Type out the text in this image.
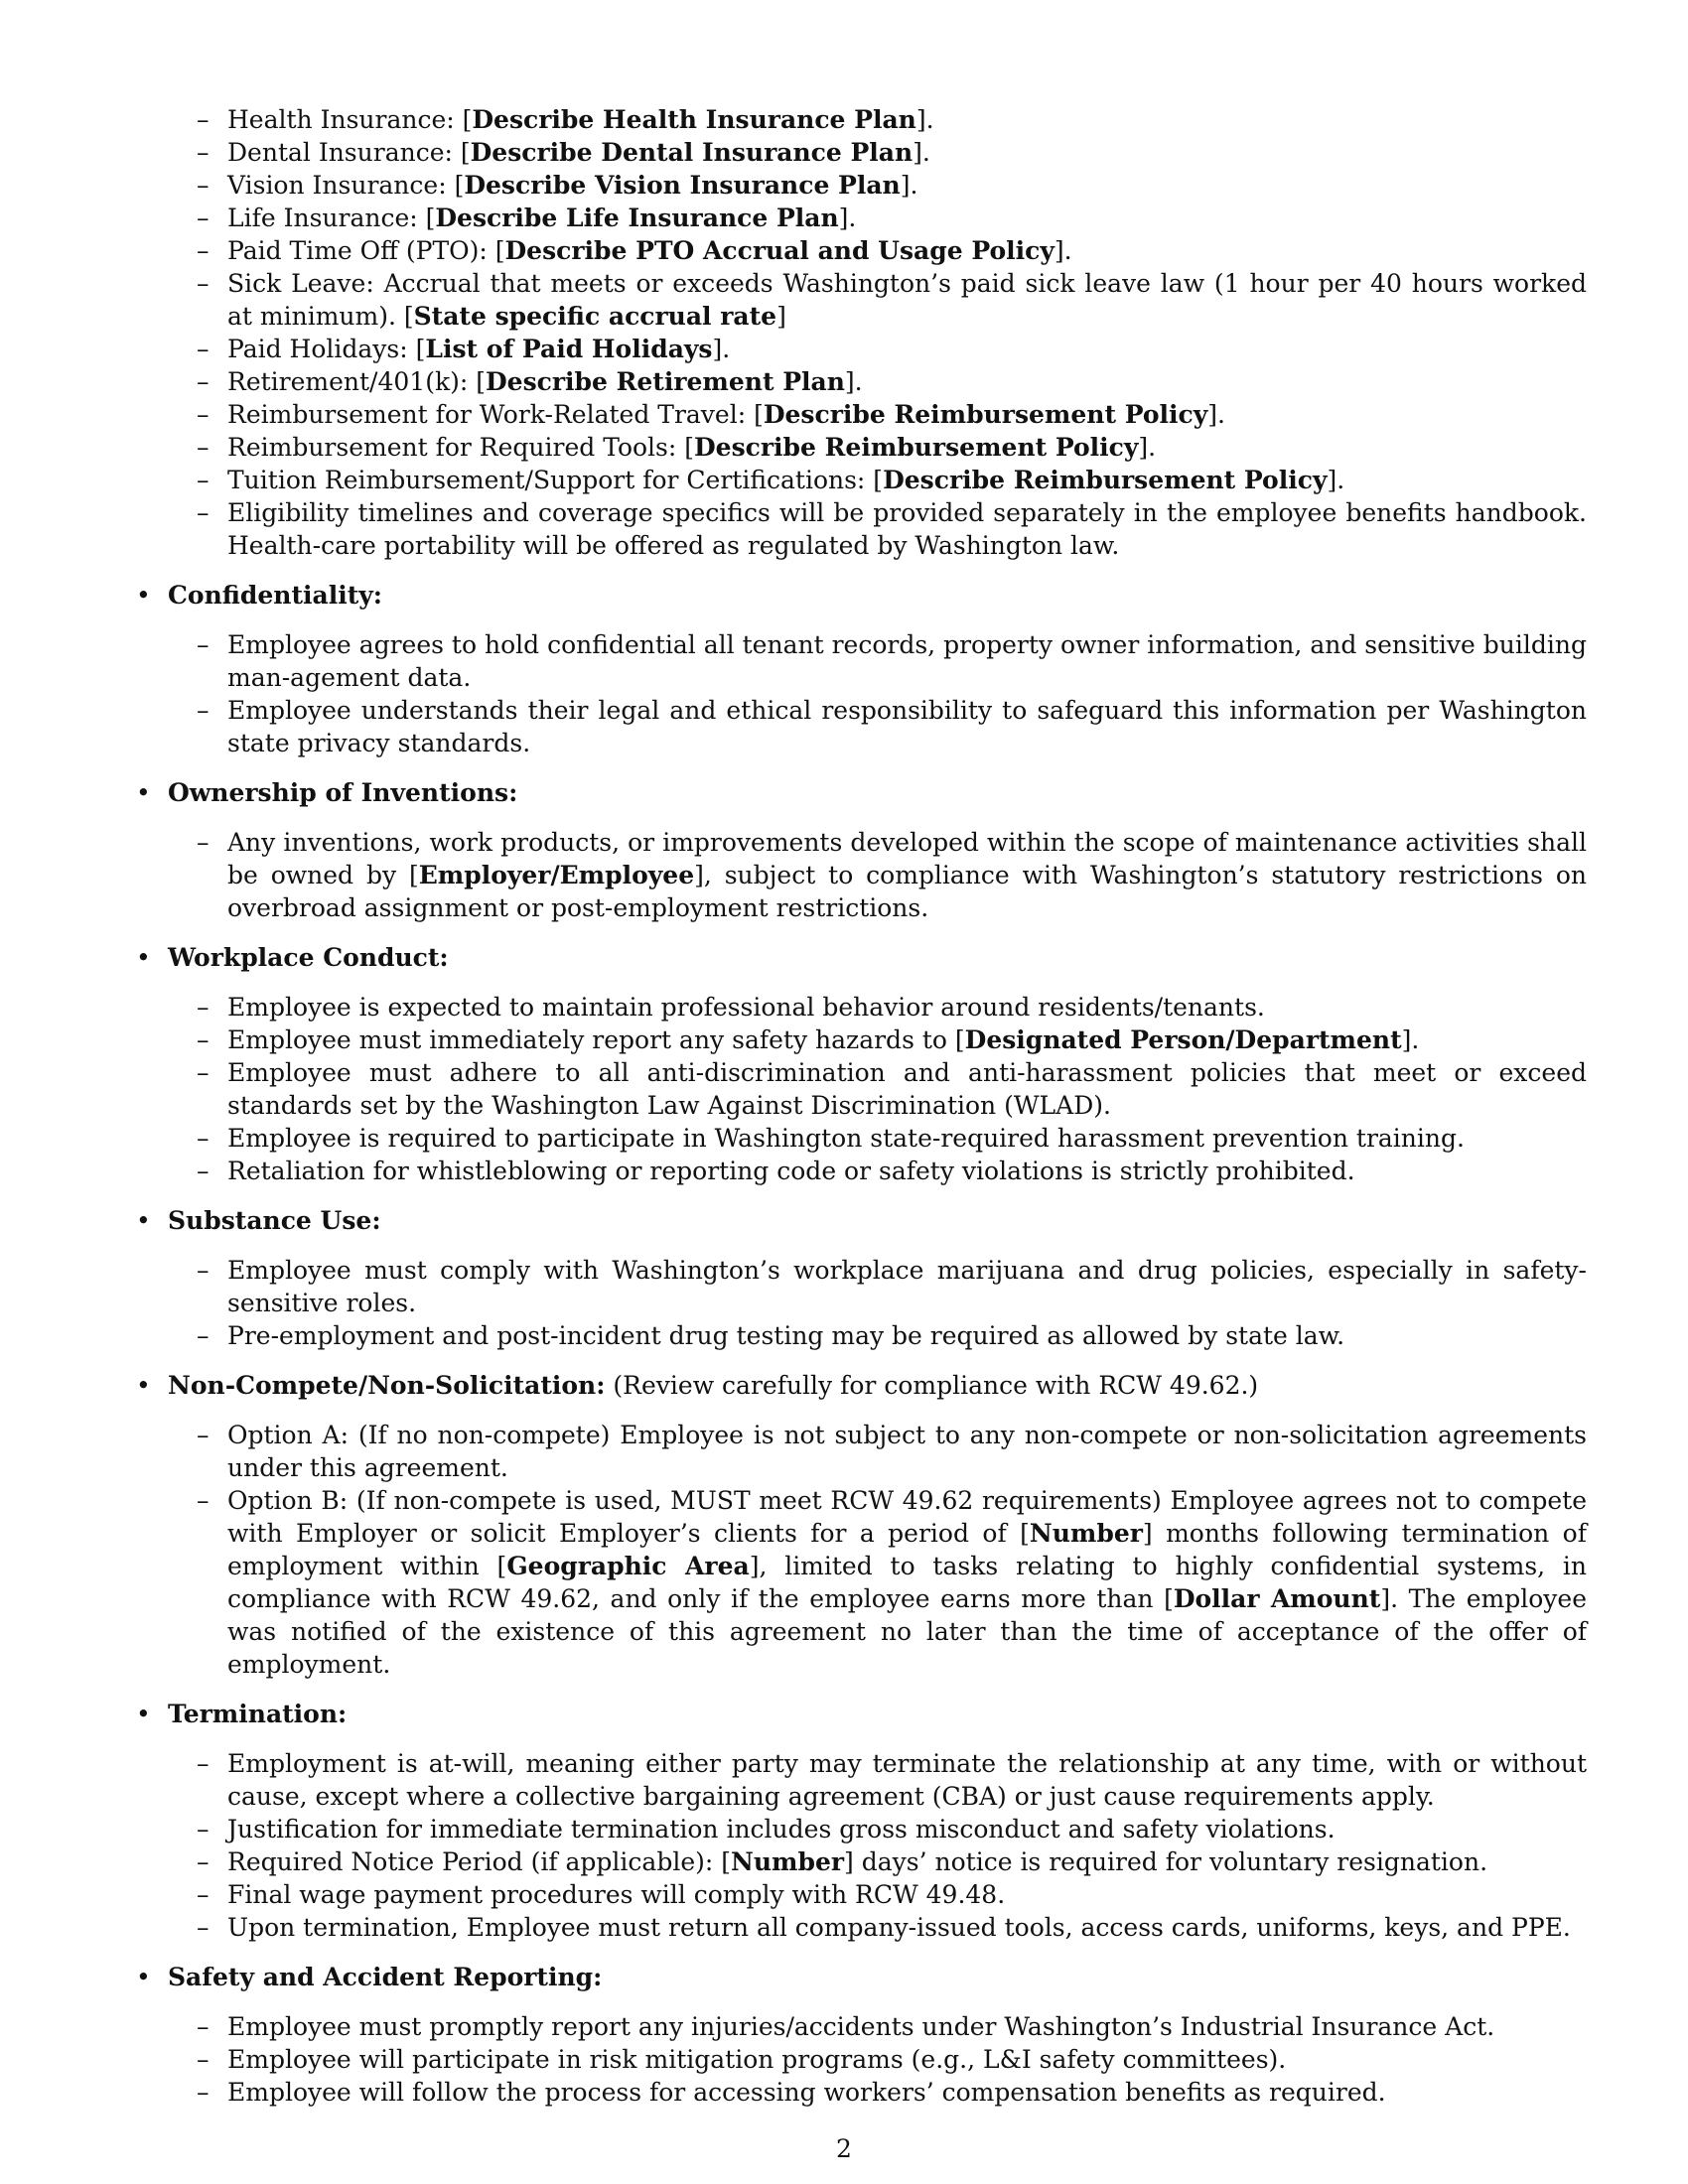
– Health Insurance: [Describe Health Insurance Plan].

– Dental Insurance: [Describe Dental Insurance Plan].

– Vision Insurance: [Describe Vision Insurance Plan].

– Life Insurance: [Describe Life Insurance Plan].

– Paid Time Off (PTO): [Describe PTO Accrual and Usage Policy].

– Sick Leave: Accrual that meets or exceeds Washington’s paid sick leave law (1 hour per 40 hours worked at minimum). [State specific accrual rate]

– Paid Holidays: [List of Paid Holidays].

– Retirement/401(k): [Describe Retirement Plan].

– Reimbursement for Work-Related Travel: [Describe Reimbursement Policy].

– Reimbursement for Required Tools: [Describe Reimbursement Policy].

– Tuition Reimbursement/Support for Certifications: [Describe Reimbursement Policy].

– Eligibility timelines and coverage specifics will be provided separately in the employee benefits handbook. Health-care portability will be offered as regulated by Washington law.

• Confidentiality:

– Employee agrees to hold confidential all tenant records, property owner information, and sensitive building man-agement data.

– Employee understands their legal and ethical responsibility to safeguard this information per Washington state privacy standards.

• Ownership of Inventions:

– Any inventions, work products, or improvements developed within the scope of maintenance activities shall be owned by [Employer/Employee], subject to compliance with Washington’s statutory restrictions on overbroad assignment or post-employment restrictions.

• Workplace Conduct:

– Employee is expected to maintain professional behavior around residents/tenants.

– Employee must immediately report any safety hazards to [Designated Person/Department].

– Employee must adhere to all anti-discrimination and anti-harassment policies that meet or exceed standards set by the Washington Law Against Discrimination (WLAD).

– Employee is required to participate in Washington state-required harassment prevention training.

– Retaliation for whistleblowing or reporting code or safety violations is strictly prohibited.

• Substance Use:

– Employee must comply with Washington’s workplace marijuana and drug policies, especially in safety-sensitive roles.

– Pre-employment and post-incident drug testing may be required as allowed by state law.

• Non-Compete/Non-Solicitation: (Review carefully for compliance with RCW 49.62.)

– Option A: (If no non-compete) Employee is not subject to any non-compete or non-solicitation agreements under this agreement.

– Option B: (If non-compete is used, MUST meet RCW 49.62 requirements) Employee agrees not to compete with Employer or solicit Employer’s clients for a period of [Number] months following termination of employment within [Geographic Area], limited to tasks relating to highly confidential systems, in compliance with RCW 49.62, and only if the employee earns more than [Dollar Amount]. The employee was notified of the existence of this agreement no later than the time of acceptance of the offer of employment.

• Termination:

– Employment is at-will, meaning either party may terminate the relationship at any time, with or without cause, except where a collective bargaining agreement (CBA) or just cause requirements apply.

– Justification for immediate termination includes gross misconduct and safety violations.

– Required Notice Period (if applicable): [Number] days’ notice is required for voluntary resignation.

– Final wage payment procedures will comply with RCW 49.48.

– Upon termination, Employee must return all company-issued tools, access cards, uniforms, keys, and PPE.

• Safety and Accident Reporting:

– Employee must promptly report any injuries/accidents under Washington’s Industrial Insurance Act.

– Employee will participate in risk mitigation programs (e.g., L&I safety committees).

– Employee will follow the process for accessing workers’ compensation benefits as required.

2
